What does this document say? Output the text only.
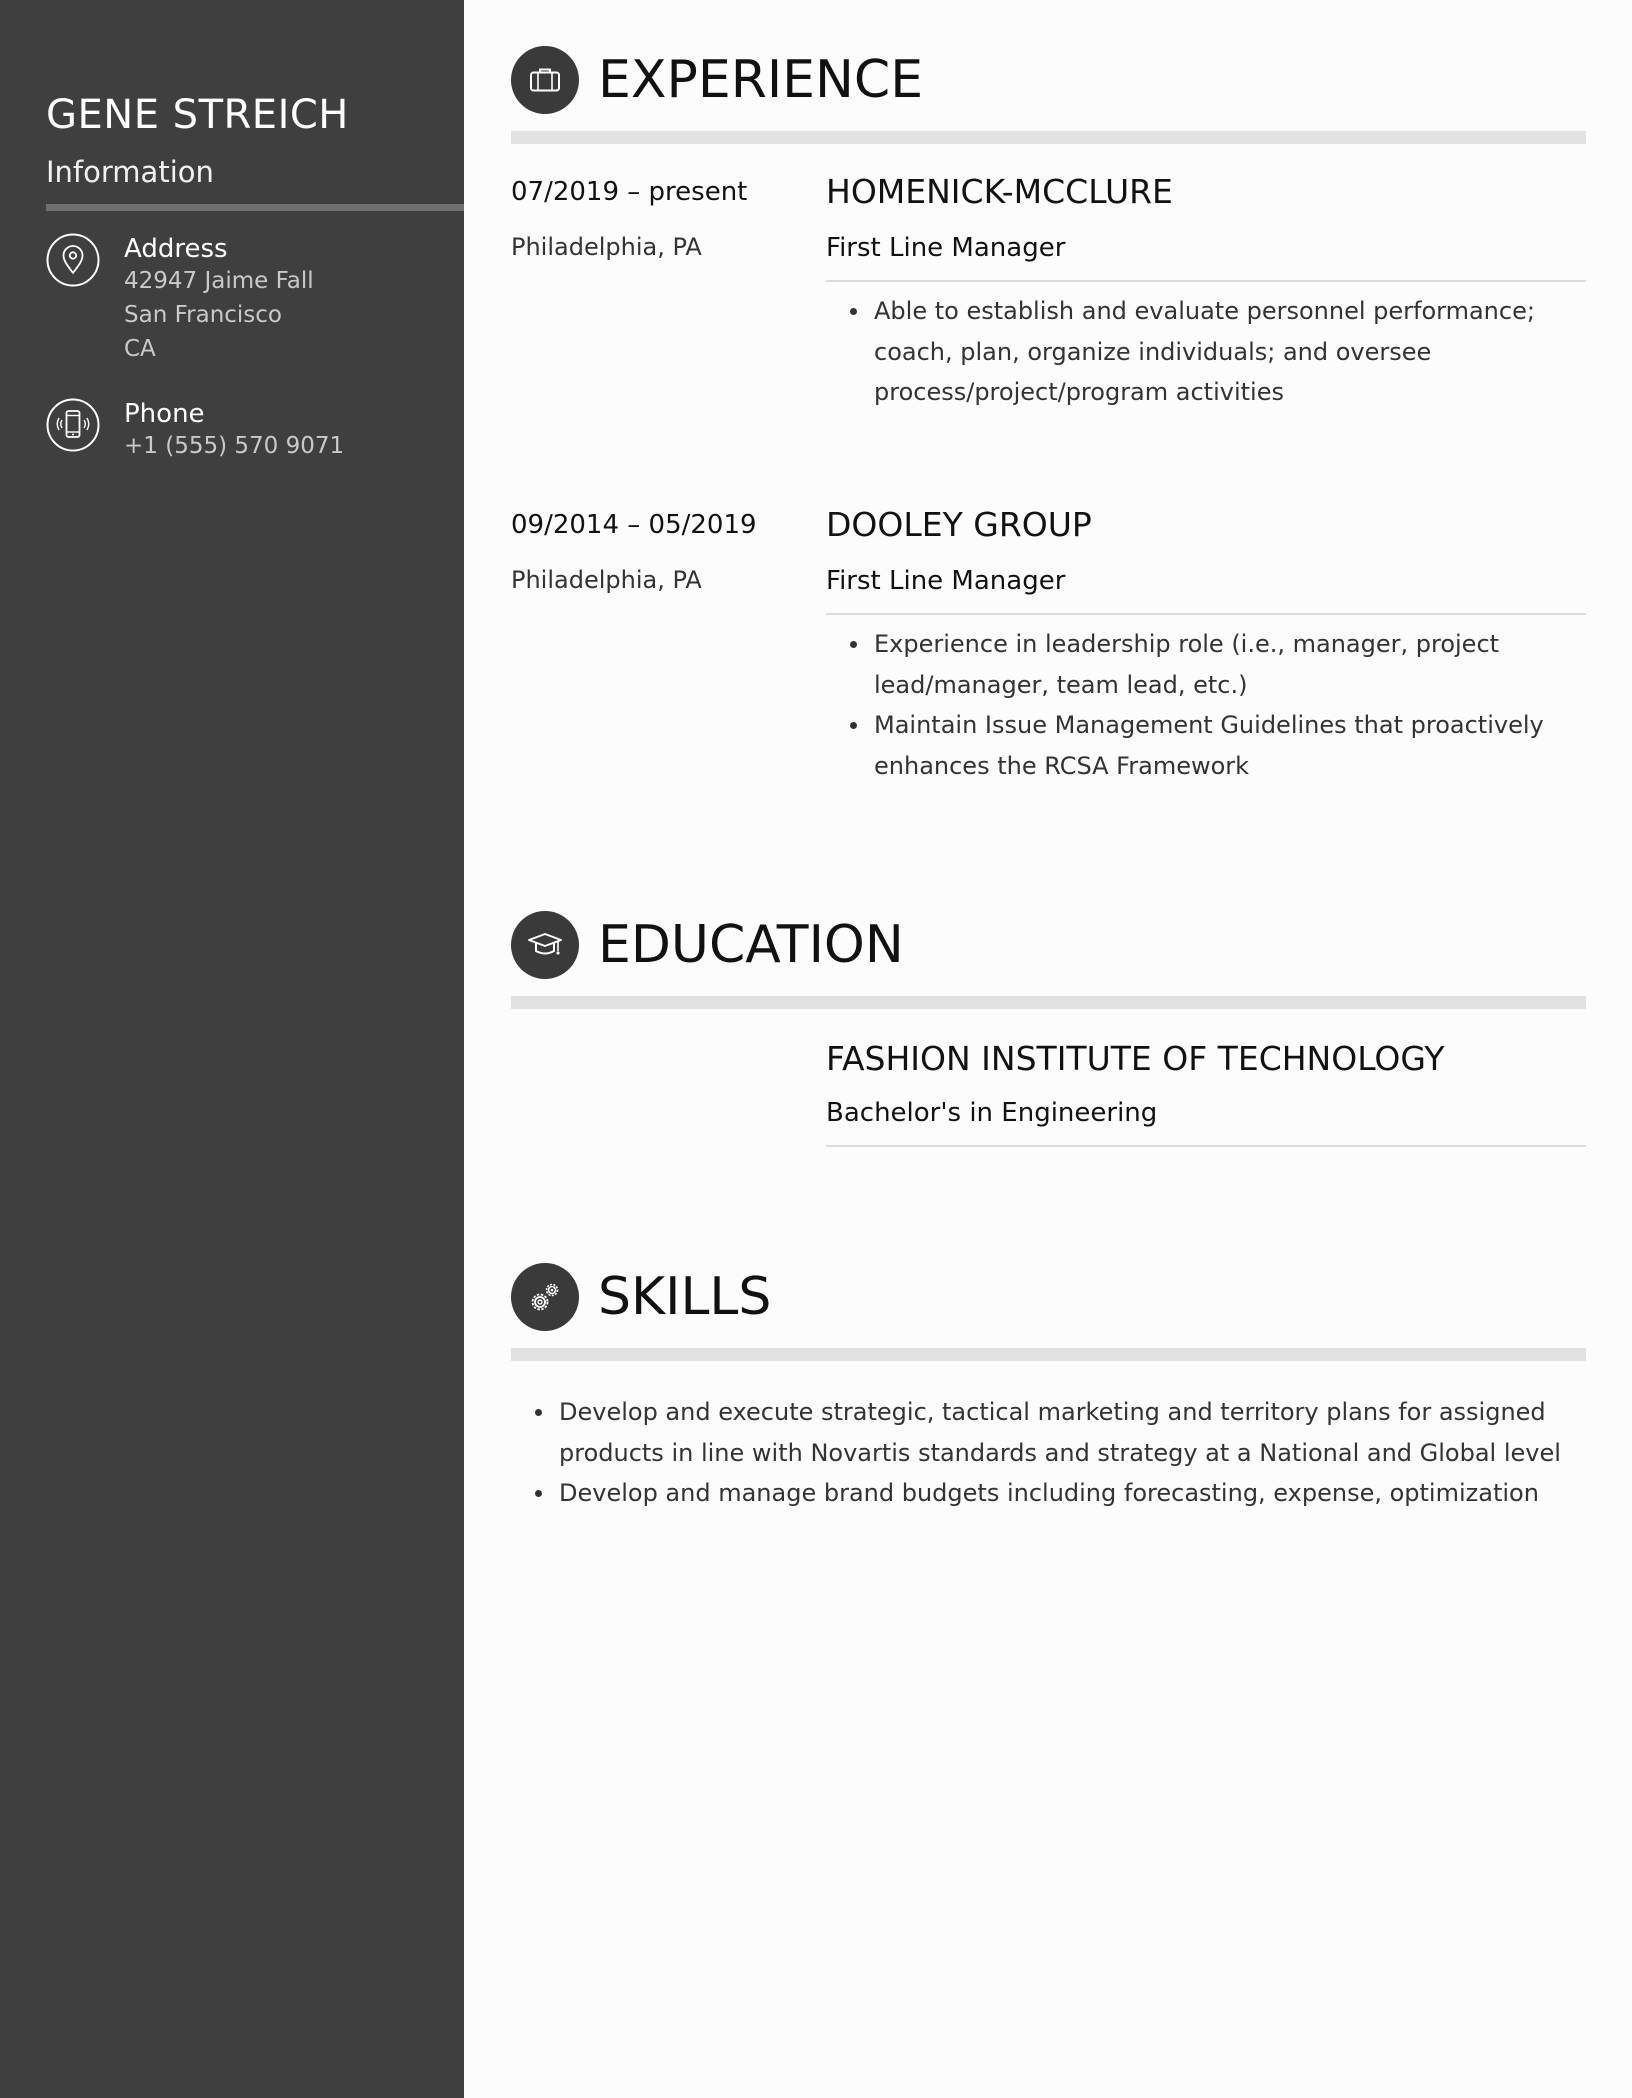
GENE STREICH
Information
Address
42947 Jaime Fall
San Francisco
CA
Phone
+1 (555) 570 9071
EXPERIENCE
07/2019 – present
Philadelphia, PA
HOMENICK-MCCLURE
First Line Manager
Able to establish and evaluate personnel performance; coach, plan, organize individuals; and oversee process/project/program activities
09/2014 – 05/2019
Philadelphia, PA
DOOLEY GROUP
First Line Manager
Experience in leadership role (i.e., manager, project lead/manager, team lead, etc.)
Maintain Issue Management Guidelines that proactively enhances the RCSA Framework
EDUCATION
FASHION INSTITUTE OF TECHNOLOGY
Bachelor's in Engineering
SKILLS
Develop and execute strategic, tactical marketing and territory plans for assigned products in line with Novartis standards and strategy at a National and Global level
Develop and manage brand budgets including forecasting, expense, optimization
